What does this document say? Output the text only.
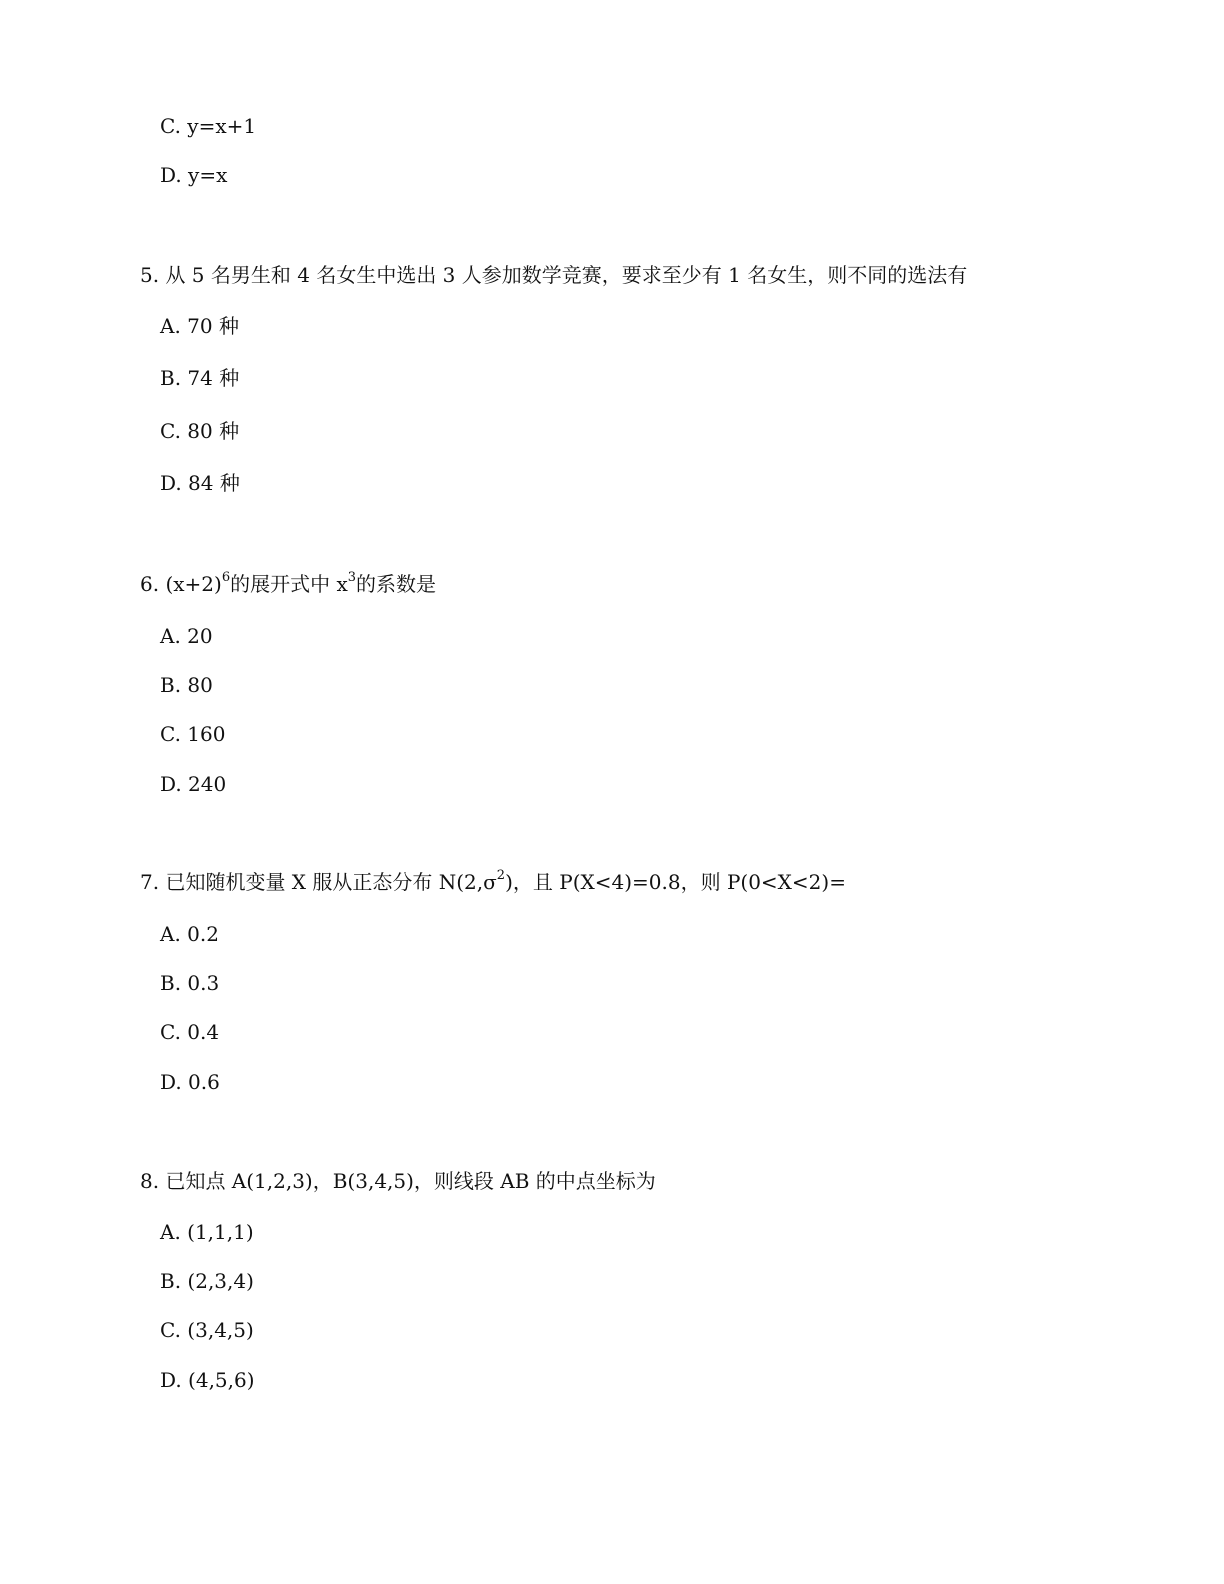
C. y=x+1
D. y=x
5. 从 5 名男生和 4 名女生中选出 3 人参加数学竞赛，要求至少有 1 名女生，则不同的选法有
A. 70 种
B. 74 种
C. 80 种
D. 84 种
6. $(x+2)^6$的展开式中 $x^3$的系数是
A. 20
B. 80
C. 160
D. 240
7. 已知随机变量 X 服从正态分布 $N(2,\sigma^2)$，且 P(X<4)=0.8，则 P(0<X<2)=
A. 0.2
B. 0.3
C. 0.4
D. 0.6
8. 已知点 A(1,2,3)，B(3,4,5)，则线段 AB 的中点坐标为
A. (1,1,1)
B. (2,3,4)
C. (3,4,5)
D. (4,5,6)
